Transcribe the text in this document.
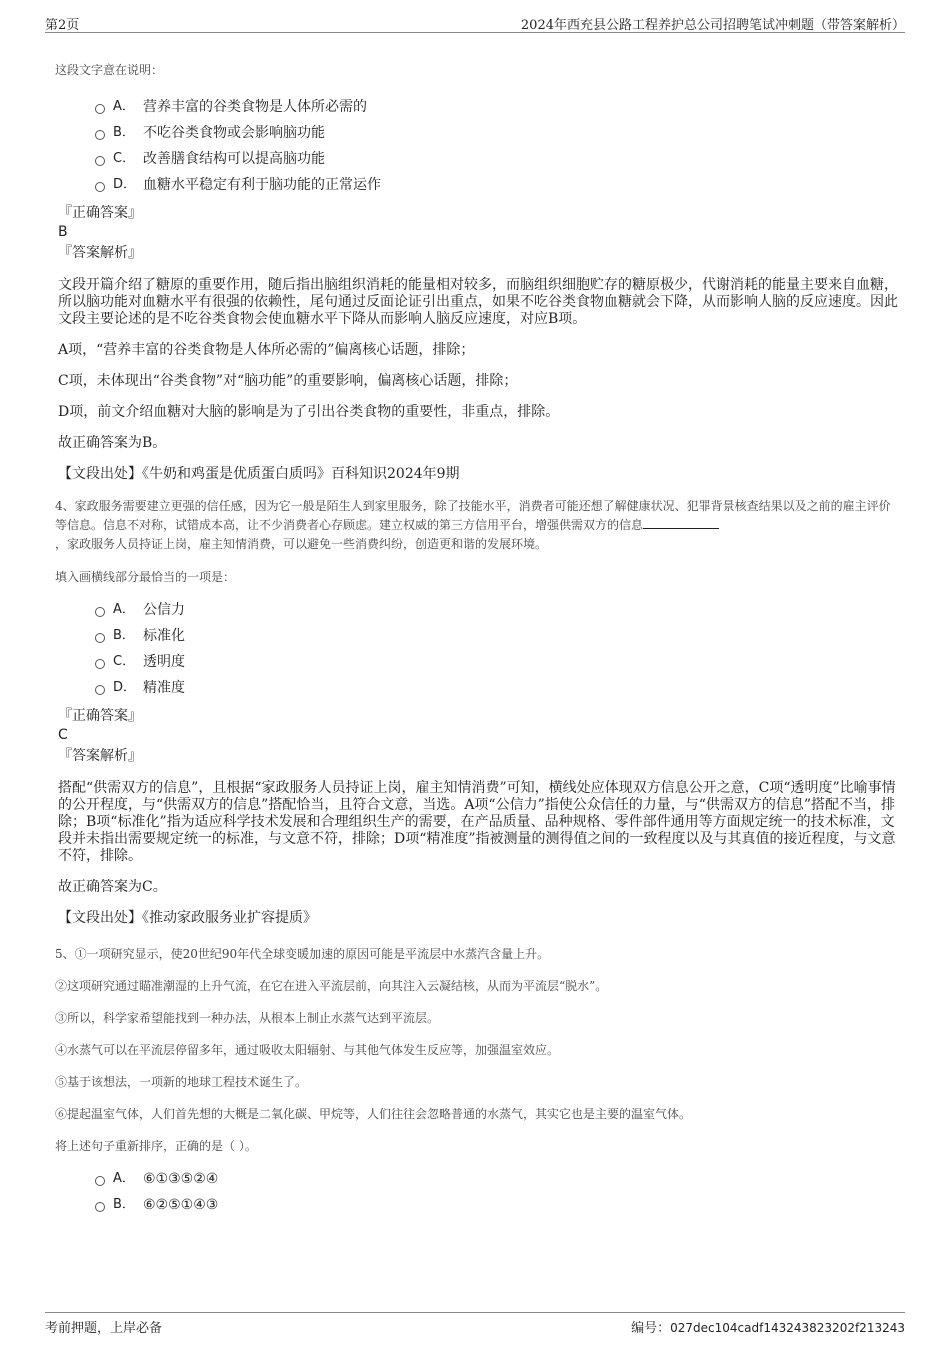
第2页	2024年西充县公路工程养护总公司招聘笔试冲刺题（带答案解析）
这段文字意在说明：
A． 营养丰富的谷类食物是人体所必需的
B． 不吃谷类食物或会影响脑功能
C． 改善膳食结构可以提高脑功能
D． 血糖水平稳定有利于脑功能的正常运作
『正确答案』
B
『答案解析』
文段开篇介绍了糖原的重要作用，随后指出脑组织消耗的能量相对较多，而脑组织细胞贮存的糖原极少，代谢消耗的能量主要来自血糖，所以脑功能对血糖水平有很强的依赖性，尾句通过反面论证引出重点，如果不吃谷类食物血糖就会下降，从而影响人脑的反应速度。因此文段主要论述的是不吃谷类食物会使血糖水平下降从而影响人脑反应速度，对应B项。
A项，“营养丰富的谷类食物是人体所必需的”偏离核心话题，排除；
C项，未体现出“谷类食物”对“脑功能”的重要影响，偏离核心话题，排除；
D项，前文介绍血糖对大脑的影响是为了引出谷类食物的重要性，非重点，排除。
故正确答案为B。
【文段出处】《牛奶和鸡蛋是优质蛋白质吗》百科知识2024年9期
4、家政服务需要建立更强的信任感，因为它一般是陌生人到家里服务，除了技能水平，消费者可能还想了解健康状况、犯罪背景核查结果以及之前的雇主评价等信息。信息不对称，试错成本高，让不少消费者心存顾虑。建立权威的第三方信用平台，增强供需双方的信息
，家政服务人员持证上岗，雇主知情消费，可以避免一些消费纠纷，创造更和谐的发展环境。
填入画横线部分最恰当的一项是：
A． 公信力
B． 标准化
C． 透明度
D． 精准度
『正确答案』
C
『答案解析』
搭配“供需双方的信息”，且根据“家政服务人员持证上岗，雇主知情消费”可知，横线处应体现双方信息公开之意，C项“透明度”比喻事情的公开程度，与“供需双方的信息”搭配恰当，且符合文意，当选。A项“公信力”指使公众信任的力量，与“供需双方的信息”搭配不当，排除；B项“标准化”指为适应科学技术发展和合理组织生产的需要，在产品质量、品种规格、零件部件通用等方面规定统一的技术标准，文段并未指出需要规定统一的标准，与文意不符，排除；D项“精准度”指被测量的测得值之间的一致程度以及与其真值的接近程度，与文意不符，排除。
故正确答案为C。
【文段出处】《推动家政服务业扩容提质》
5、①一项研究显示，使20世纪90年代全球变暖加速的原因可能是平流层中水蒸汽含量上升。
②这项研究通过瞄准潮湿的上升气流，在它在进入平流层前，向其注入云凝结核，从而为平流层“脱水”。
③所以，科学家希望能找到一种办法，从根本上制止水蒸气达到平流层。
④水蒸气可以在平流层停留多年，通过吸收太阳辐射、与其他气体发生反应等，加强温室效应。
⑤基于该想法，一项新的地球工程技术诞生了。
⑥提起温室气体，人们首先想的大概是二氧化碳、甲烷等，人们往往会忽略普通的水蒸气，其实它也是主要的温室气体。
将上述句子重新排序，正确的是（ ）。
A． ⑥①③⑤②④
B． ⑥②⑤①④③
考前押题，上岸必备	编号：027dec104cadf143243823202f213243
